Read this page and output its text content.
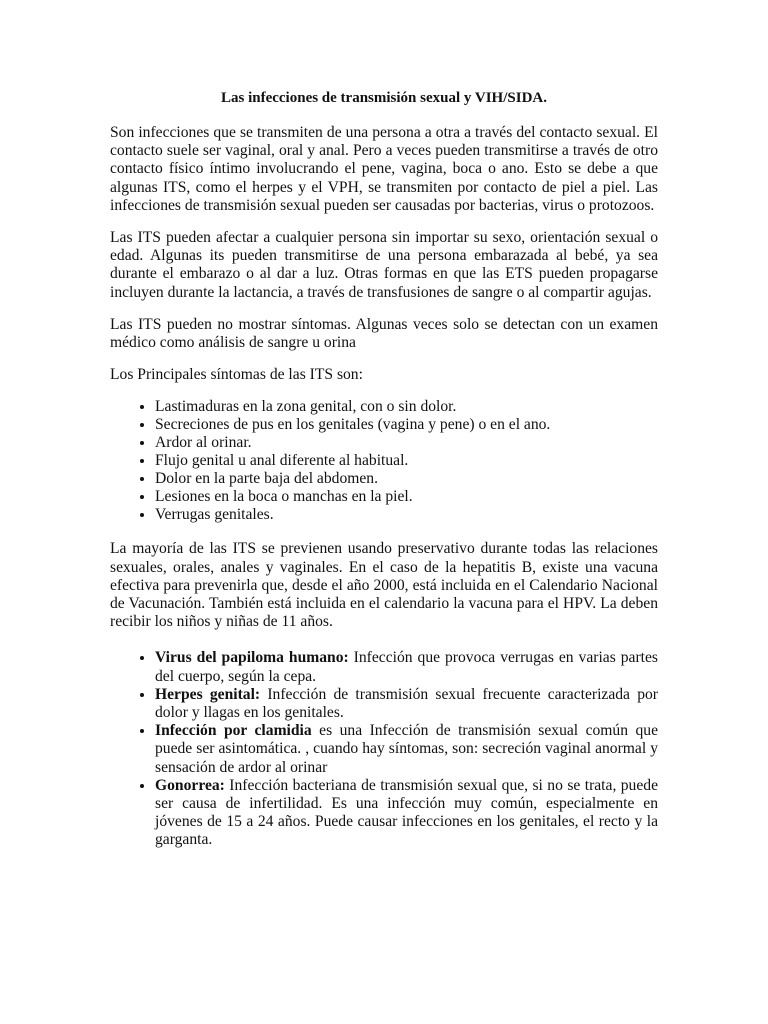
Las infecciones de transmisión sexual y VIH/SIDA.

Son infecciones que se transmiten de una persona a otra a través del contacto sexual. El contacto suele ser vaginal, oral y anal. Pero a veces pueden transmitirse a través de otro contacto físico íntimo involucrando el pene, vagina, boca o ano. Esto se debe a que algunas ITS, como el herpes y el VPH, se transmiten por contacto de piel a piel. Las infecciones de transmisión sexual pueden ser causadas por bacterias, virus o protozoos.

Las ITS pueden afectar a cualquier persona sin importar su sexo, orientación sexual o edad. Algunas its pueden transmitirse de una persona embarazada al bebé, ya sea durante el embarazo o al dar a luz. Otras formas en que las ETS pueden propagarse incluyen durante la lactancia, a través de transfusiones de sangre o al compartir agujas.

Las ITS pueden no mostrar síntomas. Algunas veces solo se detectan con un examen médico como análisis de sangre u orina

Los Principales síntomas de las ITS son:

• Lastimaduras en la zona genital, con o sin dolor.
• Secreciones de pus en los genitales (vagina y pene) o en el ano.
• Ardor al orinar.
• Flujo genital u anal diferente al habitual.
• Dolor en la parte baja del abdomen.
• Lesiones en la boca o manchas en la piel.
• Verrugas genitales.

La mayoría de las ITS se previenen usando preservativo durante todas las relaciones sexuales, orales, anales y vaginales. En el caso de la hepatitis B, existe una vacuna efectiva para prevenirla que, desde el año 2000, está incluida en el Calendario Nacional de Vacunación. También está incluida en el calendario la vacuna para el HPV. La deben recibir los niños y niñas de 11 años.

• Virus del papiloma humano: Infección que provoca verrugas en varias partes del cuerpo, según la cepa.
• Herpes genital: Infección de transmisión sexual frecuente caracterizada por dolor y llagas en los genitales.
• Infección por clamidia es una Infección de transmisión sexual común que puede ser asintomática. , cuando hay síntomas, son: secreción vaginal anormal y sensación de ardor al orinar
• Gonorrea: Infección bacteriana de transmisión sexual que, si no se trata, puede ser causa de infertilidad. Es una infección muy común, especialmente en jóvenes de 15 a 24 años. Puede causar infecciones en los genitales, el recto y la garganta.
